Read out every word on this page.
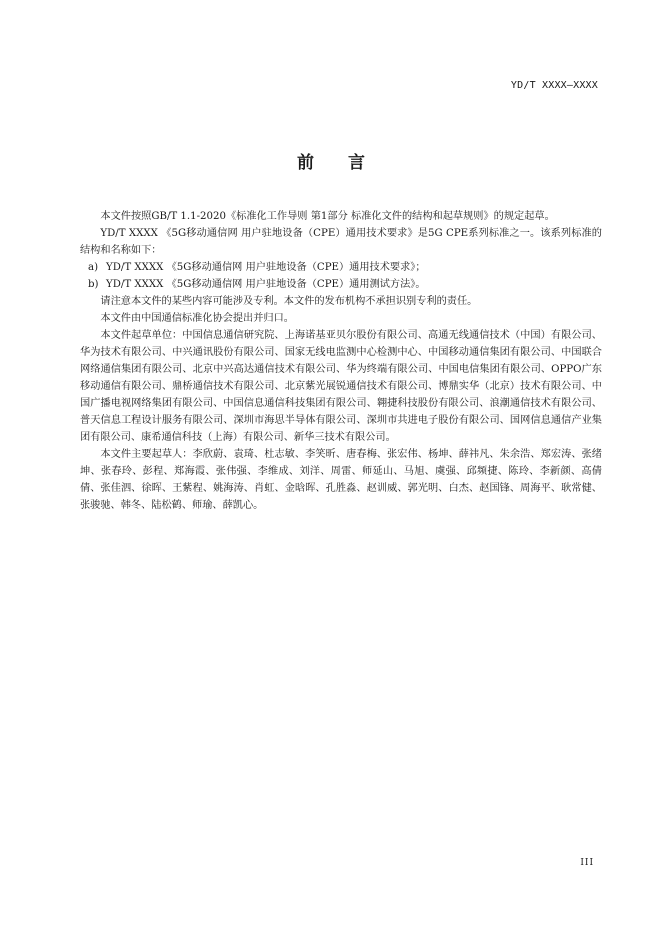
YD/T XXXX—XXXX
前言

本文件按照GB/T 1.1-2020《标准化工作导则 第1部分 标准化文件的结构和起草规则》的规定起草。

YD/T XXXX 《5G移动通信网 用户驻地设备（CPE）通用技术要求》是5G CPE系列标准之一。该系列标准的结构和名称如下：

a) YD/T XXXX 《5G移动通信网 用户驻地设备（CPE）通用技术要求》；
b) YD/T XXXX 《5G移动通信网 用户驻地设备（CPE）通用测试方法》。

请注意本文件的某些内容可能涉及专利。本文件的发布机构不承担识别专利的责任。

本文件由中国通信标准化协会提出并归口。

本文件起草单位：中国信息通信研究院、上海诺基亚贝尔股份有限公司、高通无线通信技术（中国）有限公司、华为技术有限公司、中兴通讯股份有限公司、国家无线电监测中心检测中心、中国移动通信集团有限公司、中国联合网络通信集团有限公司、北京中兴高达通信技术有限公司、华为终端有限公司、中国电信集团有限公司、OPPO广东移动通信有限公司、鼎桥通信技术有限公司、北京紫光展锐通信技术有限公司、博鼎实华（北京）技术有限公司、中国广播电视网络集团有限公司、中国信息通信科技集团有限公司、翱捷科技股份有限公司、浪潮通信技术有限公司、普天信息工程设计服务有限公司、深圳市海思半导体有限公司、深圳市共进电子股份有限公司、国网信息通信产业集团有限公司、康希通信科技（上海）有限公司、新华三技术有限公司。

本文件主要起草人：李欣蔚、袁琦、杜志敏、李笑昕、唐春梅、张宏伟、杨坤、薛祎凡、朱余浩、郑宏涛、张绪坤、张春玲、彭程、郑海霞、张伟强、李维成、刘洋、周雷、师延山、马旭、虞强、邱频捷、陈玲、李新颜、高倩倩、张佳泗、徐晖、王紫程、姚海涛、肖虹、金晗晖、孔胜淼、赵训威、郭光明、白杰、赵国锋、周海平、耿常健、张骏驰、韩冬、陆松鹤、师瑜、薛凯心。

III
